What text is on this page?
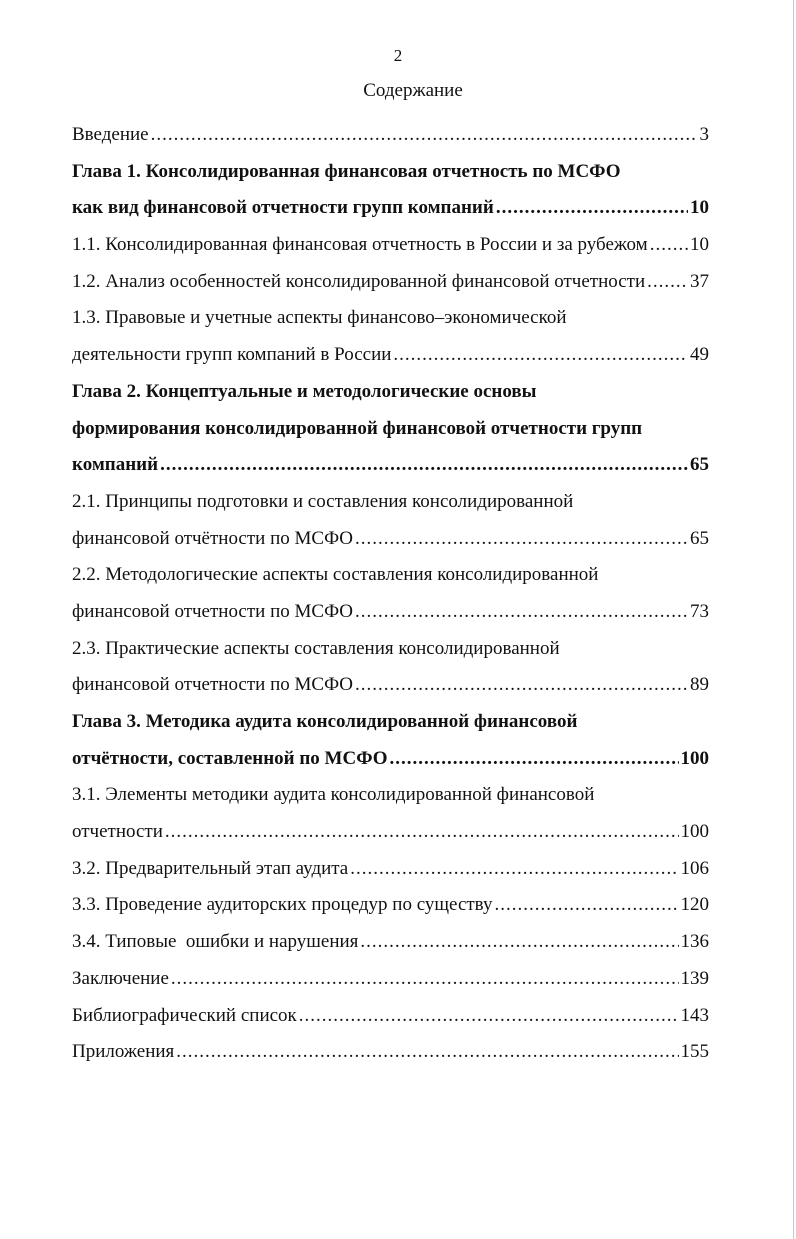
2
Содержание
Введение .....	3
Глава 1. Консолидированная финансовая отчетность по МСФО
как вид финансовой отчетности групп компаний .....	10
1.1. Консолидированная финансовая отчетность в России и за рубежом ..... 10
1.2. Анализ особенностей консолидированной финансовой отчетности ..... 37
1.3. Правовые и учетные аспекты финансово–экономической
деятельности групп компаний в России .....	49
Глава 2. Концептуальные и методологические основы
формирования консолидированной финансовой отчетности групп
компаний .....	65
2.1. Принципы подготовки и составления консолидированной
финансовой отчётности по МСФО .....	65
2.2. Методологические аспекты составления консолидированной
финансовой отчетности по МСФО .....	73
2.3. Практические аспекты составления консолидированной
финансовой отчетности по МСФО .....	89
Глава 3. Методика аудита консолидированной финансовой
отчётности, составленной по МСФО .....	100
3.1. Элементы методики аудита консолидированной финансовой
отчетности .....	100
3.2. Предварительный этап аудита .....	106
3.3. Проведение аудиторских процедур по существу .....	120
3.4. Типовые  ошибки и нарушения .....	136
Заключение .....	139
Библиографический список .....	143
Приложения .....	155
